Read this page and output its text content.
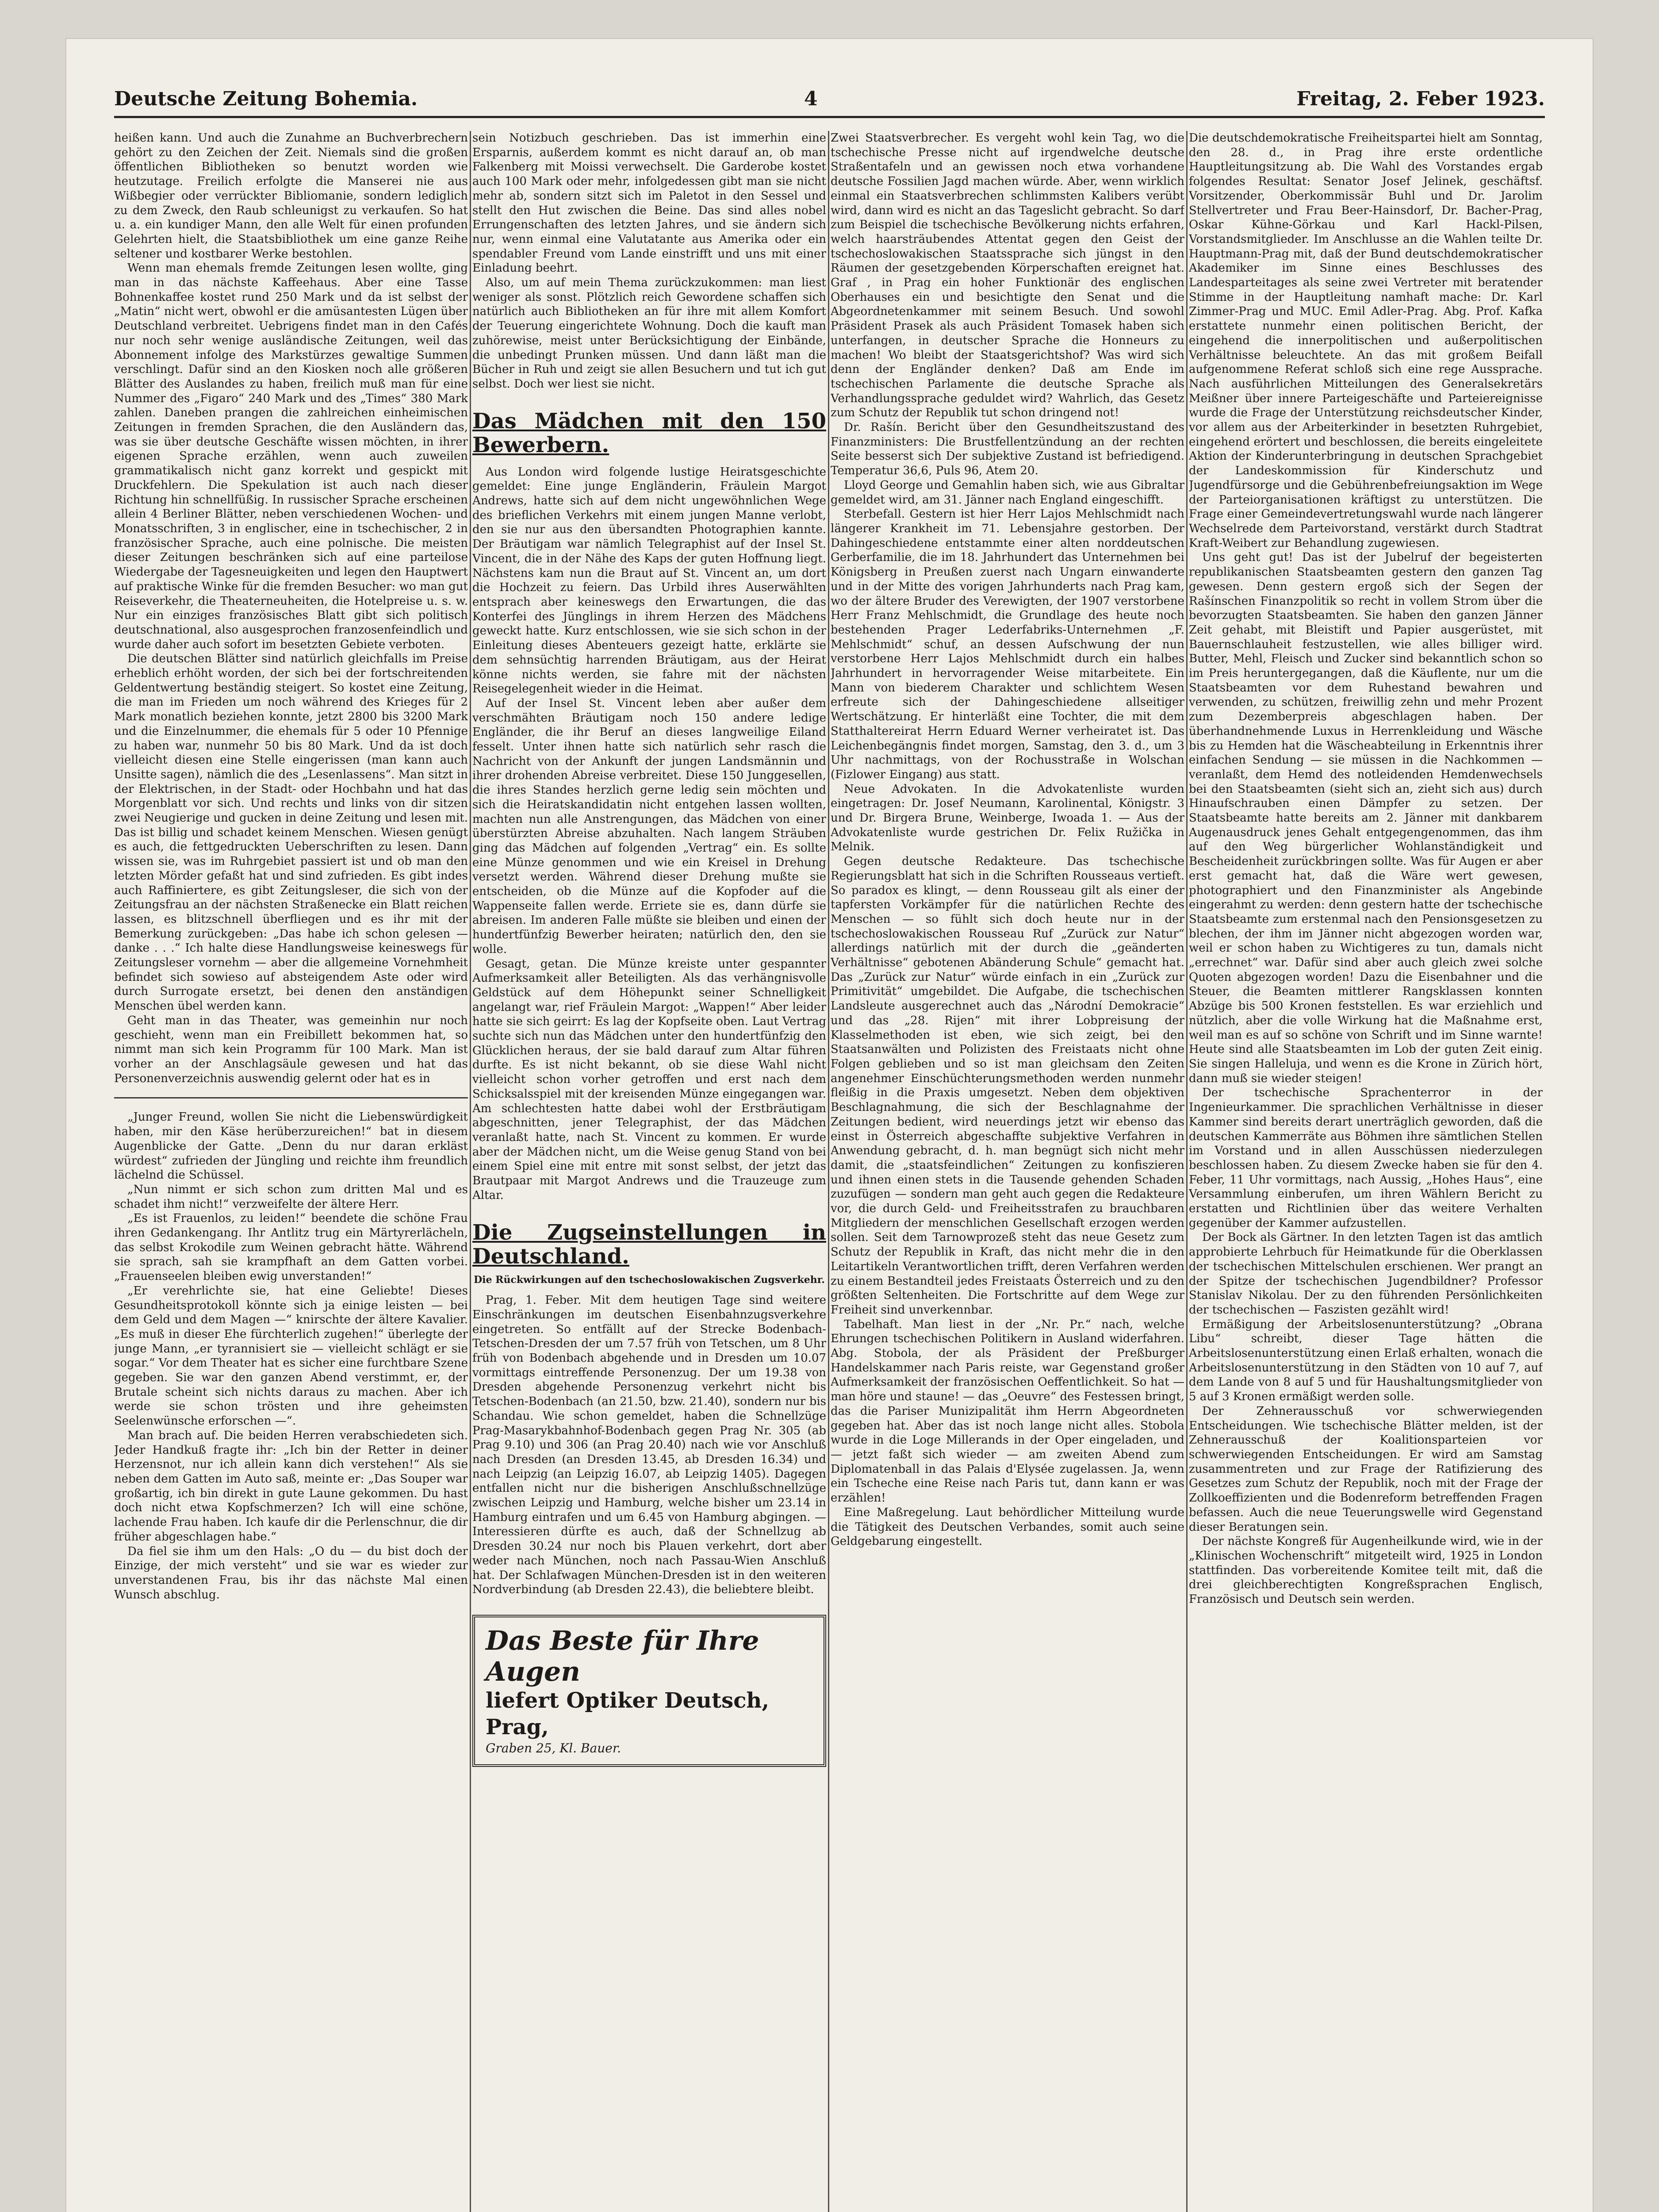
Deutsche Zeitung Bohemia.	4	Freitag, 2. Feber 1923.

heißen kann. Und auch die Zunahme an Buchverbrechern gehört zu den Zeichen der Zeit. Niemals sind die großen öffentlichen Bibliotheken so benutzt worden wie heutzutage. Freilich erfolgte die Manserei nie aus Wißbegier oder verrückter Bibliomanie, sondern lediglich zu dem Zweck, den Raub schleunigst zu verkaufen. So hat u. a. ein kundiger Mann, den alle Welt für einen profunden Gelehrten hielt, die Staatsbibliothek um eine ganze Reihe seltener und kostbarer Werke bestohlen.

Wenn man ehemals fremde Zeitungen lesen wollte, ging man in das nächste Kaffeehaus. Aber eine Tasse Bohnenkaffee kostet rund 250 Mark und da ist selbst der „Matin“ nicht wert, obwohl er die amüsantesten Lügen über Deutschland verbreitet. Uebrigens findet man in den Cafés nur noch sehr wenige ausländische Zeitungen, weil das Abonnement infolge des Markstürzes gewaltige Summen verschlingt. Dafür sind an den Kiosken noch alle größeren Blätter des Auslandes zu haben, freilich muß man für eine Nummer des „Figaro“ 240 Mark und des „Times“ 380 Mark zahlen. Daneben prangen die zahlreichen einheimischen Zeitungen in fremden Sprachen, die den Ausländern das, was sie über deutsche Geschäfte wissen möchten, in ihrer eigenen Sprache erzählen, wenn auch zuweilen grammatikalisch nicht ganz korrekt und gespickt mit Druckfehlern. Die Spekulation ist auch nach dieser Richtung hin schnellfüßig. In russischer Sprache erscheinen allein 4 Berliner Blätter, neben verschiedenen Wochen- und Monatsschriften, 3 in englischer, eine in tschechischer, 2 in französischer Sprache, auch eine polnische. Die meisten dieser Zeitungen beschränken sich auf eine parteilose Wiedergabe der Tagesneuigkeiten und legen den Hauptwert auf praktische Winke für die fremden Besucher: wo man gut Reiseverkehr, die Theaterneuheiten, die Hotelpreise u. s. w. Nur ein einziges französisches Blatt gibt sich politisch deutschnational, also ausgesprochen franzosenfeindlich und wurde daher auch sofort im besetzten Gebiete verboten.

Die deutschen Blätter sind natürlich gleichfalls im Preise erheblich erhöht worden, der sich bei der fortschreitenden Geldentwertung beständig steigert. So kostet eine Zeitung, die man im Frieden um noch während des Krieges für 2 Mark monatlich beziehen konnte, jetzt 2800 bis 3200 Mark und die Einzelnummer, die ehemals für 5 oder 10 Pfennige zu haben war, nunmehr 50 bis 80 Mark. Und da ist doch vielleicht diesen eine Stelle eingerissen (man kann auch Unsitte sagen), nämlich die des „Lesenlassens“. Man sitzt in der Elektrischen, in der Stadt- oder Hochbahn und hat das Morgenblatt vor sich. Und rechts und links von dir sitzen zwei Neugierige und gucken in deine Zeitung und lesen mit. Das ist billig und schadet keinem Menschen. Wiesen genügt es auch, die fettgedruckten Ueberschriften zu lesen. Dann wissen sie, was im Ruhrgebiet passiert ist und ob man den letzten Mörder gefaßt hat und sind zufrieden. Es gibt indes auch Raffiniertere, es gibt Zeitungsleser, die sich von der Zeitungsfrau an der nächsten Straßenecke ein Blatt reichen lassen, es blitzschnell überfliegen und es ihr mit der Bemerkung zurückgeben: „Das habe ich schon gelesen — danke . . .“ Ich halte diese Handlungsweise keineswegs für Zeitungsleser vornehm — aber die allgemeine Vornehmheit befindet sich sowieso auf absteigendem Aste oder wird durch Surrogate ersetzt, bei denen den anständigen Menschen übel werden kann.

Geht man in das Theater, was gemeinhin nur noch geschieht, wenn man ein Freibillett bekommen hat, so nimmt man sich kein Programm für 100 Mark. Man ist vorher an der Anschlagsäule gewesen und hat das Personenverzeichnis auswendig gelernt oder hat es in

„Junger Freund, wollen Sie nicht die Liebenswürdigkeit haben, mir den Käse herüberzureichen!“ bat in diesem Augenblicke der Gatte. „Denn du nur daran erkläst würdest“ zufrieden der Jüngling und reichte ihm freundlich lächelnd die Schüssel.

„Nun nimmt er sich schon zum dritten Mal und es schadet ihm nicht!“ verzweifelte der ältere Herr.

„Es ist Frauenlos, zu leiden!“ beendete die schöne Frau ihren Gedankengang. Ihr Antlitz trug ein Märtyrerlächeln, das selbst Krokodile zum Weinen gebracht hätte. Während sie sprach, sah sie krampfhaft an dem Gatten vorbei. „Frauenseelen bleiben ewig unverstanden!“

„Er verehrlichte sie, hat eine Geliebte! Dieses Gesundheitsprotokoll könnte sich ja einige leisten — bei dem Geld und dem Magen —“ knirschte der ältere Kavalier. „Es muß in dieser Ehe fürchterlich zugehen!“ überlegte der junge Mann, „er tyrannisiert sie — vielleicht schlägt er sie sogar.“ Vor dem Theater hat es sicher eine furchtbare Szene gegeben. Sie war den ganzen Abend verstimmt, er, der Brutale scheint sich nichts daraus zu machen. Aber ich werde sie schon trösten und ihre geheimsten Seelenwünsche erforschen —“.

Man brach auf. Die beiden Herren verabschiedeten sich. Jeder Handkuß fragte ihr: „Ich bin der Retter in deiner Herzensnot, nur ich allein kann dich verstehen!“ Als sie neben dem Gatten im Auto saß, meinte er: „Das Souper war großartig, ich bin direkt in gute Laune gekommen. Du hast doch nicht etwa Kopfschmerzen? Ich will eine schöne, lachende Frau haben. Ich kaufe dir die Perlenschnur, die dir früher abgeschlagen habe.“

Da fiel sie ihm um den Hals: „O du — du bist doch der Einzige, der mich versteht“ und sie war es wieder zur unverstandenen Frau, bis ihr das nächste Mal einen Wunsch abschlug.

sein Notizbuch geschrieben. Das ist immerhin eine Ersparnis, außerdem kommt es nicht darauf an, ob man Falkenberg mit Moissi verwechselt. Die Garderobe kostet auch 100 Mark oder mehr, infolgedessen gibt man sie nicht mehr ab, sondern sitzt sich im Paletot in den Sessel und stellt den Hut zwischen die Beine. Das sind alles nobel Errungenschaften des letzten Jahres, und sie ändern sich nur, wenn einmal eine Valutatante aus Amerika oder ein spendabler Freund vom Lande einstrifft und uns mit einer Einladung beehrt.

Also, um auf mein Thema zurückzukommen: man liest weniger als sonst. Plötzlich reich Gewordene schaffen sich natürlich auch Bibliotheken an für ihre mit allem Komfort der Teuerung eingerichtete Wohnung. Doch die kauft man zuhörewise, meist unter Berücksichtigung der Einbände, die unbedingt Prunken müssen. Und dann läßt man die Bücher in Ruh und zeigt sie allen Besuchern und tut ich gut selbst. Doch wer liest sie nicht.

Das Mädchen mit den 150 Bewerbern.

Aus London wird folgende lustige Heiratsgeschichte gemeldet: Eine junge Engländerin, Fräulein Margot Andrews, hatte sich auf dem nicht ungewöhnlichen Wege des brieflichen Verkehrs mit einem jungen Manne verlobt, den sie nur aus den übersandten Photographien kannte. Der Bräutigam war nämlich Telegraphist auf der Insel St. Vincent, die in der Nähe des Kaps der guten Hoffnung liegt. Nächstens kam nun die Braut auf St. Vincent an, um dort die Hochzeit zu feiern. Das Urbild ihres Auserwählten entsprach aber keineswegs den Erwartungen, die das Konterfei des Jünglings in ihrem Herzen des Mädchens geweckt hatte. Kurz entschlossen, wie sie sich schon in der Einleitung dieses Abenteuers gezeigt hatte, erklärte sie dem sehnsüchtig harrenden Bräutigam, aus der Heirat könne nichts werden, sie fahre mit der nächsten Reisegelegenheit wieder in die Heimat.

Auf der Insel St. Vincent leben aber außer dem verschmähten Bräutigam noch 150 andere ledige Engländer, die ihr Beruf an dieses langweilige Eiland fesselt. Unter ihnen hatte sich natürlich sehr rasch die Nachricht von der Ankunft der jungen Landsmännin und ihrer drohenden Abreise verbreitet. Diese 150 Junggesellen, die ihres Standes herzlich gerne ledig sein möchten und sich die Heiratskandidatin nicht entgehen lassen wollten, machten nun alle Anstrengungen, das Mädchen von einer überstürzten Abreise abzuhalten. Nach langem Sträuben ging das Mädchen auf folgenden „Vertrag“ ein. Es sollte eine Münze genommen und wie ein Kreisel in Drehung versetzt werden. Während dieser Drehung mußte sie entscheiden, ob die Münze auf die Kopfoder auf die Wappenseite fallen werde. Erriete sie es, dann dürfe sie abreisen. Im anderen Falle müßte sie bleiben und einen der hundertfünfzig Bewerber heiraten; natürlich den, den sie wolle.

Gesagt, getan. Die Münze kreiste unter gespannter Aufmerksamkeit aller Beteiligten. Als das verhängnisvolle Geldstück auf dem Höhepunkt seiner Schnelligkeit angelangt war, rief Fräulein Margot: „Wappen!“ Aber leider hatte sie sich geirrt: Es lag der Kopfseite oben. Laut Vertrag suchte sich nun das Mädchen unter den hundertfünfzig den Glücklichen heraus, der sie bald darauf zum Altar führen durfte. Es ist nicht bekannt, ob sie diese Wahl nicht vielleicht schon vorher getroffen und erst nach dem Schicksalsspiel mit der kreisenden Münze eingegangen war. Am schlechtesten hatte dabei wohl der Erstbräutigam abgeschnitten, jener Telegraphist, der das Mädchen veranlaßt hatte, nach St. Vincent zu kommen. Er wurde aber der Mädchen nicht, um die Weise genug Stand von bei einem Spiel eine mit entre mit sonst selbst, der jetzt das Brautpaar mit Margot Andrews und die Trauzeuge zum Altar.

Die Zugseinstellungen in Deutschland.
Die Rückwirkungen auf den tschechoslowakischen Zugsverkehr.

Prag, 1. Feber. Mit dem heutigen Tage sind weitere Einschränkungen im deutschen Eisenbahnzugsverkehre eingetreten. So entfällt auf der Strecke Bodenbach-Tetschen-Dresden der um 7.57 früh von Tetschen, um 8 Uhr früh von Bodenbach abgehende und in Dresden um 10.07 vormittags eintreffende Personenzug. Der um 19.38 von Dresden abgehende Personenzug verkehrt nicht bis Tetschen-Bodenbach (an 21.50, bzw. 21.40), sondern nur bis Schandau. Wie schon gemeldet, haben die Schnellzüge Prag-Masarykbahnhof-Bodenbach gegen Prag Nr. 305 (ab Prag 9.10) und 306 (an Prag 20.40) nach wie vor Anschluß nach Dresden (an Dresden 13.45, ab Dresden 16.34) und nach Leipzig (an Leipzig 16.07, ab Leipzig 1405). Dagegen entfallen nicht nur die bisherigen Anschlußschnellzüge zwischen Leipzig und Hamburg, welche bisher um 23.14 in Hamburg eintrafen und um 6.45 von Hamburg abgingen. — Interessieren dürfte es auch, daß der Schnellzug ab Dresden 30.24 nur noch bis Plauen verkehrt, dort aber weder nach München, noch nach Passau-Wien Anschluß hat. Der Schlafwagen München-Dresden ist in den weiteren Nordverbindung (ab Dresden 22.43), die beliebtere bleibt.

Das Beste für Ihre Augen
liefert Optiker Deutsch, Prag,
Graben 25, Kl. Bauer.

Zwei Staatsverbrecher. Es vergeht wohl kein Tag, wo die tschechische Presse nicht auf irgendwelche deutsche Straßentafeln und an gewissen noch etwa vorhandene deutsche Fossilien Jagd machen würde. Aber, wenn wirklich einmal ein Staatsverbrechen schlimmsten Kalibers verübt wird, dann wird es nicht an das Tageslicht gebracht. So darf zum Beispiel die tschechische Bevölkerung nichts erfahren, welch haarsträubendes Attentat gegen den Geist der tschechoslowakischen Staatssprache sich jüngst in den Räumen der gesetzgebenden Körperschaften ereignet hat. Graf , in Prag ein hoher Funktionär des englischen Oberhauses ein und besichtigte den Senat und die Abgeordnetenkammer mit seinem Besuch. Und sowohl Präsident Prasek als auch Präsident Tomasek haben sich unterfangen, in deutscher Sprache die Honneurs zu machen! Wo bleibt der Staatsgerichtshof? Was wird sich denn der Engländer denken? Daß am Ende im tschechischen Parlamente die deutsche Sprache als Verhandlungssprache geduldet wird? Wahrlich, das Gesetz zum Schutz der Republik tut schon dringend not!

Dr. Rašín. Bericht über den Gesundheitszustand des Finanzministers: Die Brustfellentzündung an der rechten Seite besserst sich Der subjektive Zustand ist befriedigend. Temperatur 36,6, Puls 96, Atem 20.

Lloyd George und Gemahlin haben sich, wie aus Gibraltar gemeldet wird, am 31. Jänner nach England eingeschifft.

Sterbefall. Gestern ist hier Herr Lajos Mehlschmidt nach längerer Krankheit im 71. Lebensjahre gestorben. Der Dahingeschiedene entstammte einer alten norddeutschen Gerberfamilie, die im 18. Jahrhundert das Unternehmen bei Königsberg in Preußen zuerst nach Ungarn einwanderte und in der Mitte des vorigen Jahrhunderts nach Prag kam, wo der ältere Bruder des Verewigten, der 1907 verstorbene Herr Franz Mehlschmidt, die Grundlage des heute noch bestehenden Prager Lederfabriks-Unternehmen „F. Mehlschmidt“ schuf, an dessen Aufschwung der nun verstorbene Herr Lajos Mehlschmidt durch ein halbes Jahrhundert in hervorragender Weise mitarbeitete. Ein Mann von biederem Charakter und schlichtem Wesen erfreute sich der Dahingeschiedene allseitiger Wertschätzung. Er hinterläßt eine Tochter, die mit dem Statthaltereirat Herrn Eduard Werner verheiratet ist. Das Leichenbegängnis findet morgen, Samstag, den 3. d., um 3 Uhr nachmittags, von der Rochusstraße in Wolschan (Fizlower Eingang) aus statt.

Neue Advokaten. In die Advokatenliste wurden eingetragen: Dr. Josef Neumann, Karolinental, Königstr. 3 und Dr. Birgera Brune, Weinberge, Iwoada 1. — Aus der Advokatenliste wurde gestrichen Dr. Felix Ružička in Melnik.

Gegen deutsche Redakteure. Das tschechische Regierungsblatt hat sich in die Schriften Rousseaus vertieft. So paradox es klingt, — denn Rousseau gilt als einer der tapfersten Vorkämpfer für die natürlichen Rechte des Menschen — so fühlt sich doch heute nur in der tschechoslowakischen Rousseau Ruf „Zurück zur Natur“ allerdings natürlich mit der durch die „geänderten Verhältnisse“ gebotenen Abänderung Schule“ gemacht hat. Das „Zurück zur Natur“ würde einfach in ein „Zurück zur Primitivität“ umgebildet. Die Aufgabe, die tschechischen Landsleute ausgerechnet auch das „Národní Demokracie“ und das „28. Rijen“ mit ihrer Lobpreisung der Klasselmethoden ist eben, wie sich zeigt, bei den Staatsanwälten und Polizisten des Freistaats nicht ohne Folgen geblieben und so ist man gleichsam den Zeiten angenehmer Einschüchterungsmethoden werden nunmehr fleißig in die Praxis umgesetzt. Neben dem objektiven Beschlagnahmung, die sich der Beschlagnahme der Zeitungen bedient, wird neuerdings jetzt wir ebenso das einst in Österreich abgeschaffte subjektive Verfahren in Anwendung gebracht, d. h. man begnügt sich nicht mehr damit, die „staatsfeindlichen“ Zeitungen zu konfiszieren und ihnen einen stets in die Tausende gehenden Schaden zuzufügen — sondern man geht auch gegen die Redakteure vor, die durch Geld- und Freiheitsstrafen zu brauchbaren Mitgliedern der menschlichen Gesellschaft erzogen werden sollen. Seit dem Tarnowprozeß steht das neue Gesetz zum Schutz der Republik in Kraft, das nicht mehr die in den Leitartikeln Verantwortlichen trifft, deren Verfahren werden zu einem Bestandteil jedes Freistaats Österreich und zu den größten Seltenheiten. Die Fortschritte auf dem Wege zur Freiheit sind unverkennbar.

Tabelhaft. Man liest in der „Nr. Pr.“ nach, welche Ehrungen tschechischen Politikern in Ausland widerfahren. Abg. Stobola, der als Präsident der Preßburger Handelskammer nach Paris reiste, war Gegenstand großer Aufmerksamkeit der französischen Oeffentlichkeit. So hat — man höre und staune! — das „Oeuvre“ des Festessen bringt, das die Pariser Munizipalität ihm Herrn Abgeordneten gegeben hat. Aber das ist noch lange nicht alles. Stobola wurde in die Loge Millerands in der Oper eingeladen, und — jetzt faßt sich wieder — am zweiten Abend zum Diplomatenball in das Palais d'Elysée zugelassen. Ja, wenn ein Tscheche eine Reise nach Paris tut, dann kann er was erzählen!

Eine Maßregelung. Laut behördlicher Mitteilung wurde die Tätigkeit des Deutschen Verbandes, somit auch seine Geldgebarung eingestellt.

Die deutschdemokratische Freiheitspartei hielt am Sonntag, den 28. d., in Prag ihre erste ordentliche Hauptleitungsitzung ab. Die Wahl des Vorstandes ergab folgendes Resultat: Senator Josef Jelinek, geschäftsf. Vorsitzender, Oberkommissär Buhl und Dr. Jarolim Stellvertreter und Frau Beer-Hainsdorf, Dr. Bacher-Prag, Oskar Kühne-Görkau und Karl Hackl-Pilsen, Vorstandsmitglieder. Im Anschlusse an die Wahlen teilte Dr. Hauptmann-Prag mit, daß der Bund deutschdemokratischer Akademiker im Sinne eines Beschlusses des Landesparteitages als seine zwei Vertreter mit beratender Stimme in der Hauptleitung namhaft mache: Dr. Karl Zimmer-Prag und MUC. Emil Adler-Prag. Abg. Prof. Kafka erstattete nunmehr einen politischen Bericht, der eingehend die innerpolitischen und außerpolitischen Verhältnisse beleuchtete. An das mit großem Beifall aufgenommene Referat schloß sich eine rege Aussprache. Nach ausführlichen Mitteilungen des Generalsekretärs Meißner über innere Parteigeschäfte und Parteiereignisse wurde die Frage der Unterstützung reichsdeutscher Kinder, vor allem aus der Arbeiterkinder in besetzten Ruhrgebiet, eingehend erörtert und beschlossen, die bereits eingeleitete Aktion der Kinderunterbringung in deutschen Sprachgebiet der Landeskommission für Kinderschutz und Jugendfürsorge und die Gebührenbefreiungsaktion im Wege der Parteiorganisationen kräftigst zu unterstützen. Die Frage einer Gemeindevertretungswahl wurde nach längerer Wechselrede dem Parteivorstand, verstärkt durch Stadtrat Kraft-Weibert zur Behandlung zugewiesen.

Uns geht gut! Das ist der Jubelruf der begeisterten republikanischen Staatsbeamten gestern den ganzen Tag gewesen. Denn gestern ergoß sich der Segen der Rašínschen Finanzpolitik so recht in vollem Strom über die bevorzugten Staatsbeamten. Sie haben den ganzen Jänner Zeit gehabt, mit Bleistift und Papier ausgerüstet, mit Bauernschlauheit festzustellen, wie alles billiger wird. Butter, Mehl, Fleisch und Zucker sind bekanntlich schon so im Preis heruntergegangen, daß die Käuflente, nur um die Staatsbeamten vor dem Ruhestand bewahren und verwenden, zu schützen, freiwillig zehn und mehr Prozent zum Dezemberpreis abgeschlagen haben. Der überhandnehmende Luxus in Herrenkleidung und Wäsche bis zu Hemden hat die Wäscheabteilung in Erkenntnis ihrer einfachen Sendung — sie müssen in die Nachkommen — veranlaßt, dem Hemd des notleidenden Hemdenwechsels bei den Staatsbeamten (sieht sich an, zieht sich aus) durch Hinaufschrauben einen Dämpfer zu setzen. Der Staatsbeamte hatte bereits am 2. Jänner mit dankbarem Augenausdruck jenes Gehalt entgegengenommen, das ihm auf den Weg bürgerlicher Wohlanständigkeit und Bescheidenheit zurückbringen sollte. Was für Augen er aber erst gemacht hat, daß die Wäre wert gewesen, photographiert und den Finanzminister als Angebinde eingerahmt zu werden: denn gestern hatte der tschechische Staatsbeamte zum erstenmal nach den Pensionsgesetzen zu blechen, der ihm im Jänner nicht abgezogen worden war, weil er schon haben zu Wichtigeres zu tun, damals nicht „errechnet“ war. Dafür sind aber auch gleich zwei solche Quoten abgezogen worden! Dazu die Eisenbahner und die Steuer, die Beamten mittlerer Rangsklassen konnten Abzüge bis 500 Kronen feststellen. Es war erziehlich und nützlich, aber die volle Wirkung hat die Maßnahme erst, weil man es auf so schöne von Schrift und im Sinne warnte! Heute sind alle Staatsbeamten im Lob der guten Zeit einig. Sie singen Halleluja, und wenn es die Krone in Zürich hört, dann muß sie wieder steigen!

Der tschechische Sprachenterror in der Ingenieurkammer. Die sprachlichen Verhältnisse in dieser Kammer sind bereits derart unerträglich geworden, daß die deutschen Kammerräte aus Böhmen ihre sämtlichen Stellen im Vorstand und in allen Ausschüssen niederzulegen beschlossen haben. Zu diesem Zwecke haben sie für den 4. Feber, 11 Uhr vormittags, nach Aussig, „Hohes Haus“, eine Versammlung einberufen, um ihren Wählern Bericht zu erstatten und Richtlinien über das weitere Verhalten gegenüber der Kammer aufzustellen.

Der Bock als Gärtner. In den letzten Tagen ist das amtlich approbierte Lehrbuch für Heimatkunde für die Oberklassen der tschechischen Mittelschulen erschienen. Wer prangt an der Spitze der tschechischen Jugendbildner? Professor Stanislav Nikolau. Der zu den führenden Persönlichkeiten der tschechischen — Faszisten gezählt wird!

Ermäßigung der Arbeitslosenunterstützung? „Obrana Libu“ schreibt, dieser Tage hätten die Arbeitslosenunterstützung einen Erlaß erhalten, wonach die Arbeitslosenunterstützung in den Städten von 10 auf 7, auf dem Lande von 8 auf 5 und für Haushaltungsmitglieder von 5 auf 3 Kronen ermäßigt werden solle.

Der Zehnerausschuß vor schwerwiegenden Entscheidungen. Wie tschechische Blätter melden, ist der Zehnerausschuß der Koalitionsparteien vor schwerwiegenden Entscheidungen. Er wird am Samstag zusammentreten und zur Frage der Ratifizierung des Gesetzes zum Schutz der Republik, noch mit der Frage der Zollkoeffizienten und die Bodenreform betreffenden Fragen befassen. Auch die neue Teuerungswelle wird Gegenstand dieser Beratungen sein.

Der nächste Kongreß für Augenheilkunde wird, wie in der „Klinischen Wochenschrift“ mitgeteilt wird, 1925 in London stattfinden. Das vorbereitende Komitee teilt mit, daß die drei gleichberechtigten Kongreßsprachen Englisch, Französisch und Deutsch sein werden.
